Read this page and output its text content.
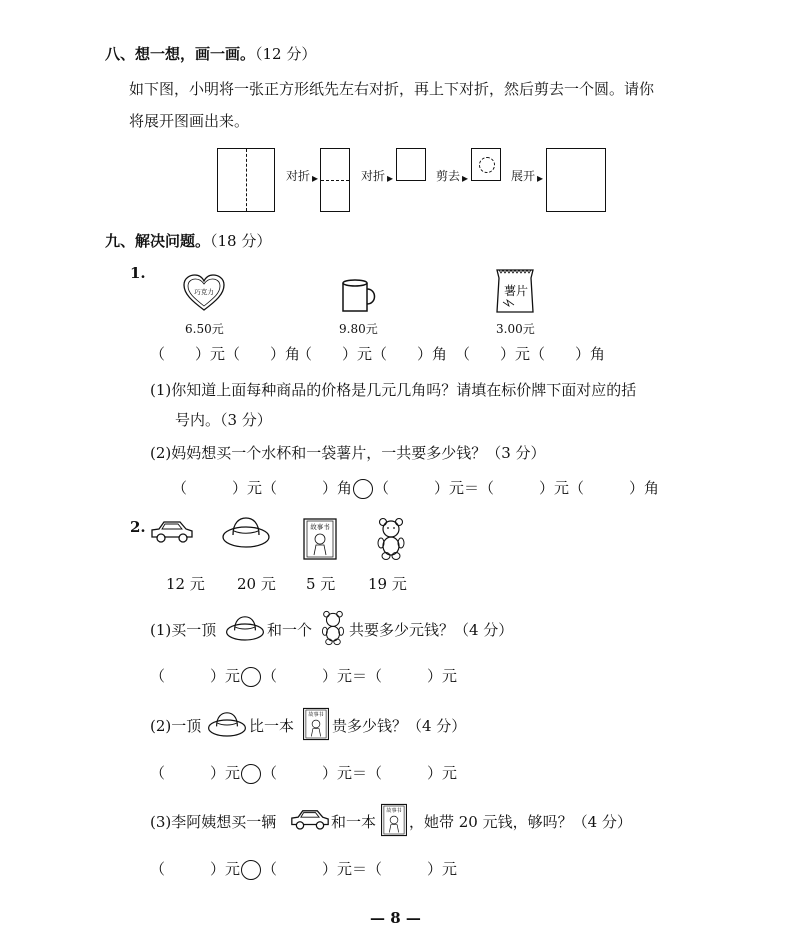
八、想一想，画一画。（12 分）
如下图，小明将一张正方形纸先左右对折，再上下对折，然后剪去一个圆。请你
将展开图画出来。
对折 ▸	对折 ▸	剪去 ▸	展开 ▸
九、解决问题。（18 分）
1.
巧克力	薯片
6.50元	9.80元	3.00元
（　　）元（　　）角
（　　）元（　　）角 （　　）元（　　）角
(1)你知道上面每种商品的价格是几元几角吗？请填在标价牌下面对应的括
号内。（3 分）
(2)妈妈想买一个水杯和一袋薯片，一共要多少钱？（3 分）
（　　　）元（　　　）角 （　　　）元＝（　　　）元（　　　）角
2.	故事书
12 元 20 元 5 元 19 元
(1)买一顶	和一个 共要多少元钱？（4 分）
（　　　）元 （　　　）元＝（　　　）元
(2)一顶	比一本
故事书
贵多少钱？（4 分）
（　　　）元 （　　　）元＝（　　　）元
(3)李阿姨想买一辆	和一本
故事书
，她带 20 元钱，够吗？（4 分）
（　　　）元 （　　　）元＝（　　　）元
— 8 —
